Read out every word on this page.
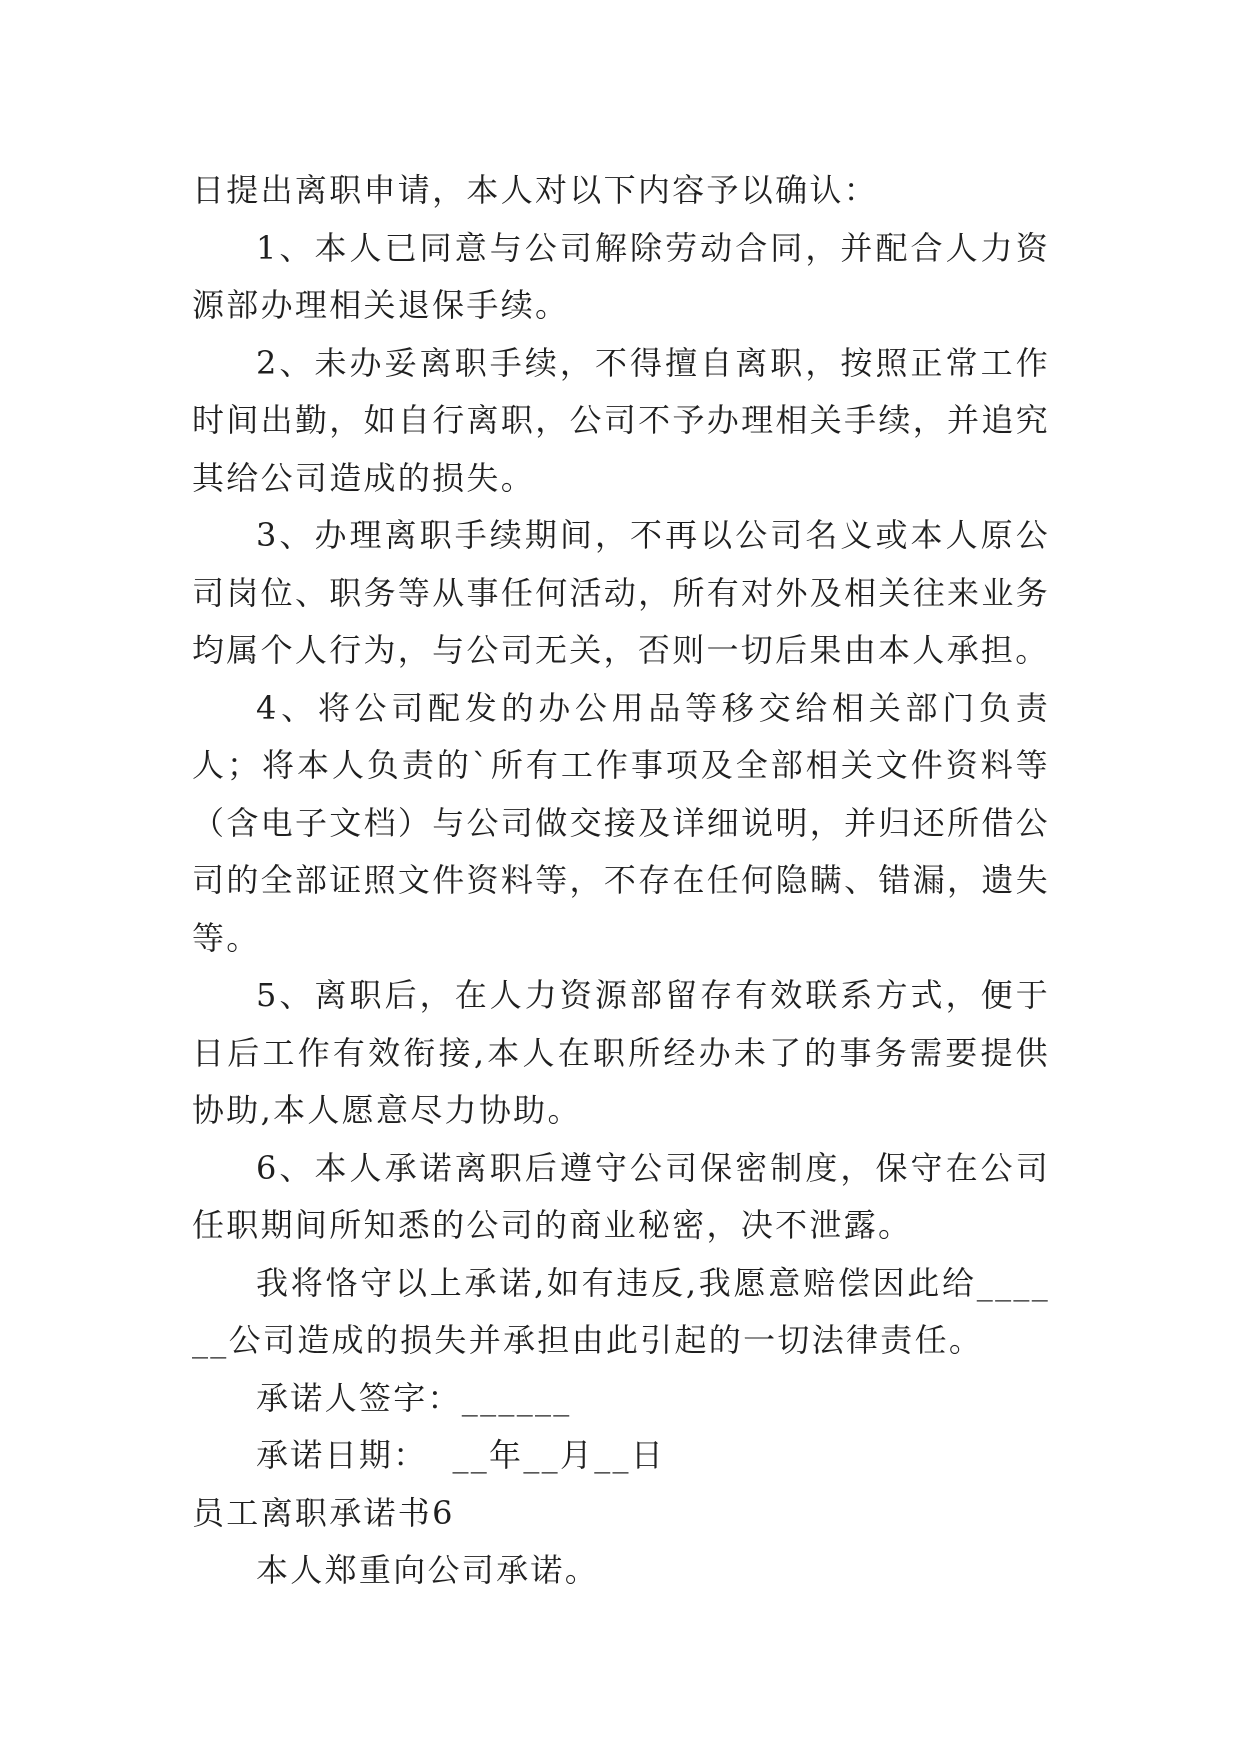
日提出离职申请，本人对以下内容予以确认：

1、本人已同意与公司解除劳动合同，并配合人力资源部办理相关退保手续。

2、未办妥离职手续，不得擅自离职，按照正常工作时间出勤，如自行离职，公司不予办理相关手续，并追究其给公司造成的损失。

3、办理离职手续期间，不再以公司名义或本人原公司岗位、职务等从事任何活动，所有对外及相关往来业务均属个人行为，与公司无关，否则一切后果由本人承担。

4、将公司配发的办公用品等移交给相关部门负责人；将本人负责的`所有工作事项及全部相关文件资料等（含电子文档）与公司做交接及详细说明，并归还所借公司的全部证照文件资料等，不存在任何隐瞒、错漏，遗失等。

5、离职后，在人力资源部留存有效联系方式，便于日后工作有效衔接,本人在职所经办未了的事务需要提供协助,本人愿意尽力协助。

6、本人承诺离职后遵守公司保密制度，保守在公司任职期间所知悉的公司的商业秘密，决不泄露。

我将恪守以上承诺,如有违反,我愿意赔偿因此给______公司造成的损失并承担由此引起的一切法律责任。

承诺人签字：______

承诺日期：  __年__月__日

员工离职承诺书6

本人郑重向公司承诺。
